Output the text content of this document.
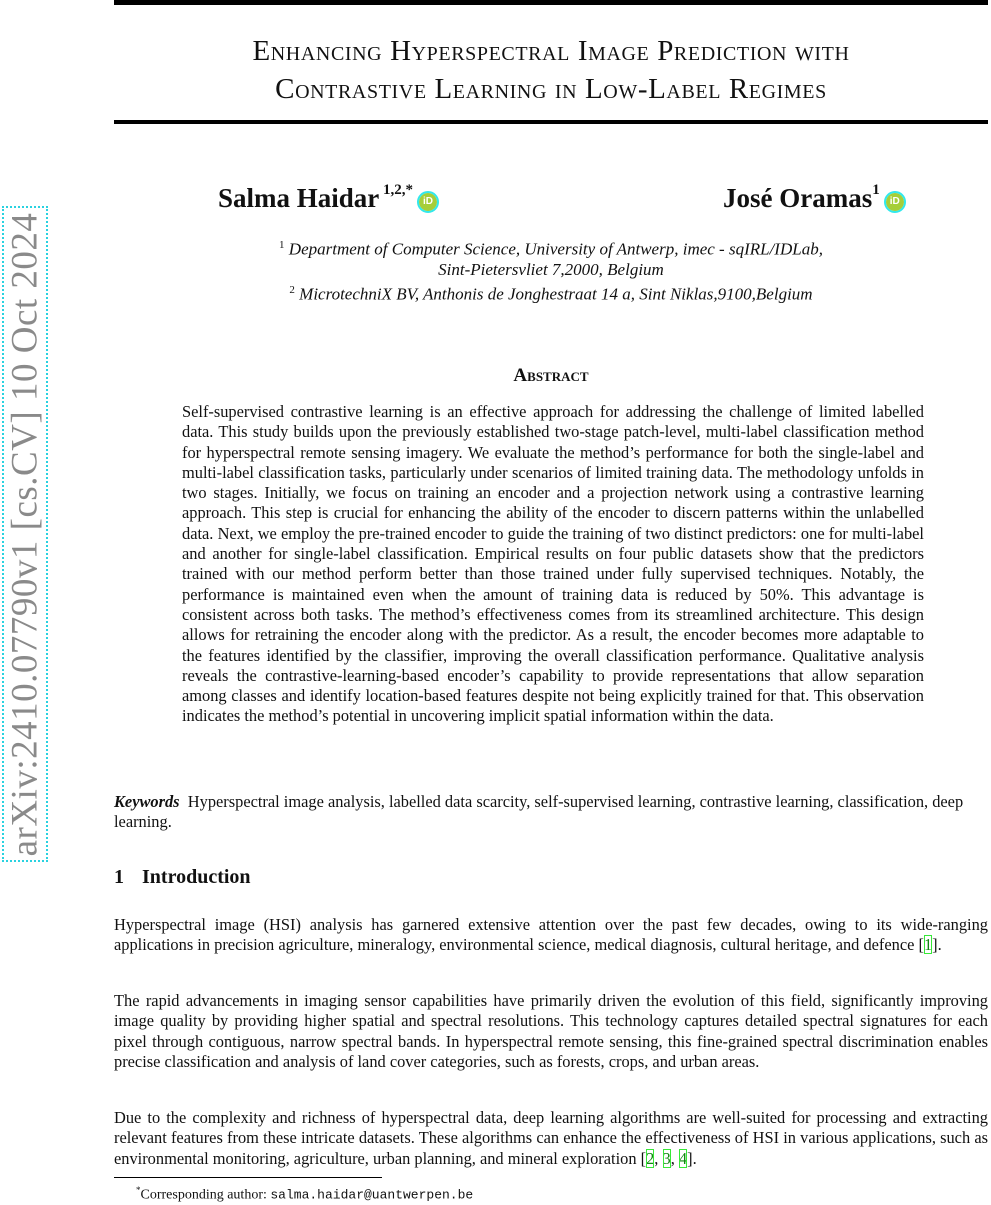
arXiv:2410.07790v1 [cs.CV] 10 Oct 2024
Enhancing Hyperspectral Image Prediction with
Contrastive Learning in Low-Label Regimes
Salma Haidar $^{1,2,*}$iD	José Oramas$^1$iD
$^1$ Department of Computer Science, University of Antwerp, imec - sqIRL/IDLab,
Sint-Pietersvliet 7,2000, Belgium
$^2$ MicrotechniX BV, Anthonis de Jonghestraat 14 a, Sint Niklas,9100,Belgium
Abstract
Self-supervised contrastive learning is an effective approach for addressing the challenge of limited labelled data. This study builds upon the previously established two-stage patch-level, multi-label classification method for hyperspectral remote sensing imagery. We evaluate the method’s performance for both the single-label and multi-label classification tasks, particularly under scenarios of limited training data. The methodology unfolds in two stages. Initially, we focus on training an encoder and a projection network using a contrastive learning approach. This step is crucial for enhancing the ability of the encoder to discern patterns within the unlabelled data. Next, we employ the pre-trained encoder to guide the training of two distinct predictors: one for multi-label and another for single-label classification. Empirical results on four public datasets show that the predictors trained with our method perform better than those trained under fully supervised techniques. Notably, the performance is maintained even when the amount of training data is reduced by 50%. This advantage is consistent across both tasks. The method’s effectiveness comes from its streamlined architecture. This design allows for retraining the encoder along with the predictor. As a result, the encoder becomes more adaptable to the features identified by the classifier, improving the overall classification performance. Qualitative analysis reveals the contrastive-learning-based encoder’s capability to provide representations that allow separation among classes and identify location-based features despite not being explicitly trained for that. This observation indicates the method’s potential in uncovering implicit spatial information within the data.
Keywords Hyperspectral image analysis, labelled data scarcity, self-supervised learning, contrastive learning, classification, deep learning.
1 Introduction
Hyperspectral image (HSI) analysis has garnered extensive attention over the past few decades, owing to its wide-ranging applications in precision agriculture, mineralogy, environmental science, medical diagnosis, cultural heritage, and defence [1].
The rapid advancements in imaging sensor capabilities have primarily driven the evolution of this field, significantly improving image quality by providing higher spatial and spectral resolutions. This technology captures detailed spectral signatures for each pixel through contiguous, narrow spectral bands. In hyperspectral remote sensing, this fine-grained spectral discrimination enables precise classification and analysis of land cover categories, such as forests, crops, and urban areas.
Due to the complexity and richness of hyperspectral data, deep learning algorithms are well-suited for processing and extracting relevant features from these intricate datasets. These algorithms can enhance the effectiveness of HSI in various applications, such as environmental monitoring, agriculture, urban planning, and mineral exploration [2, 3, 4].
*Corresponding author: salma.haidar@uantwerpen.be
